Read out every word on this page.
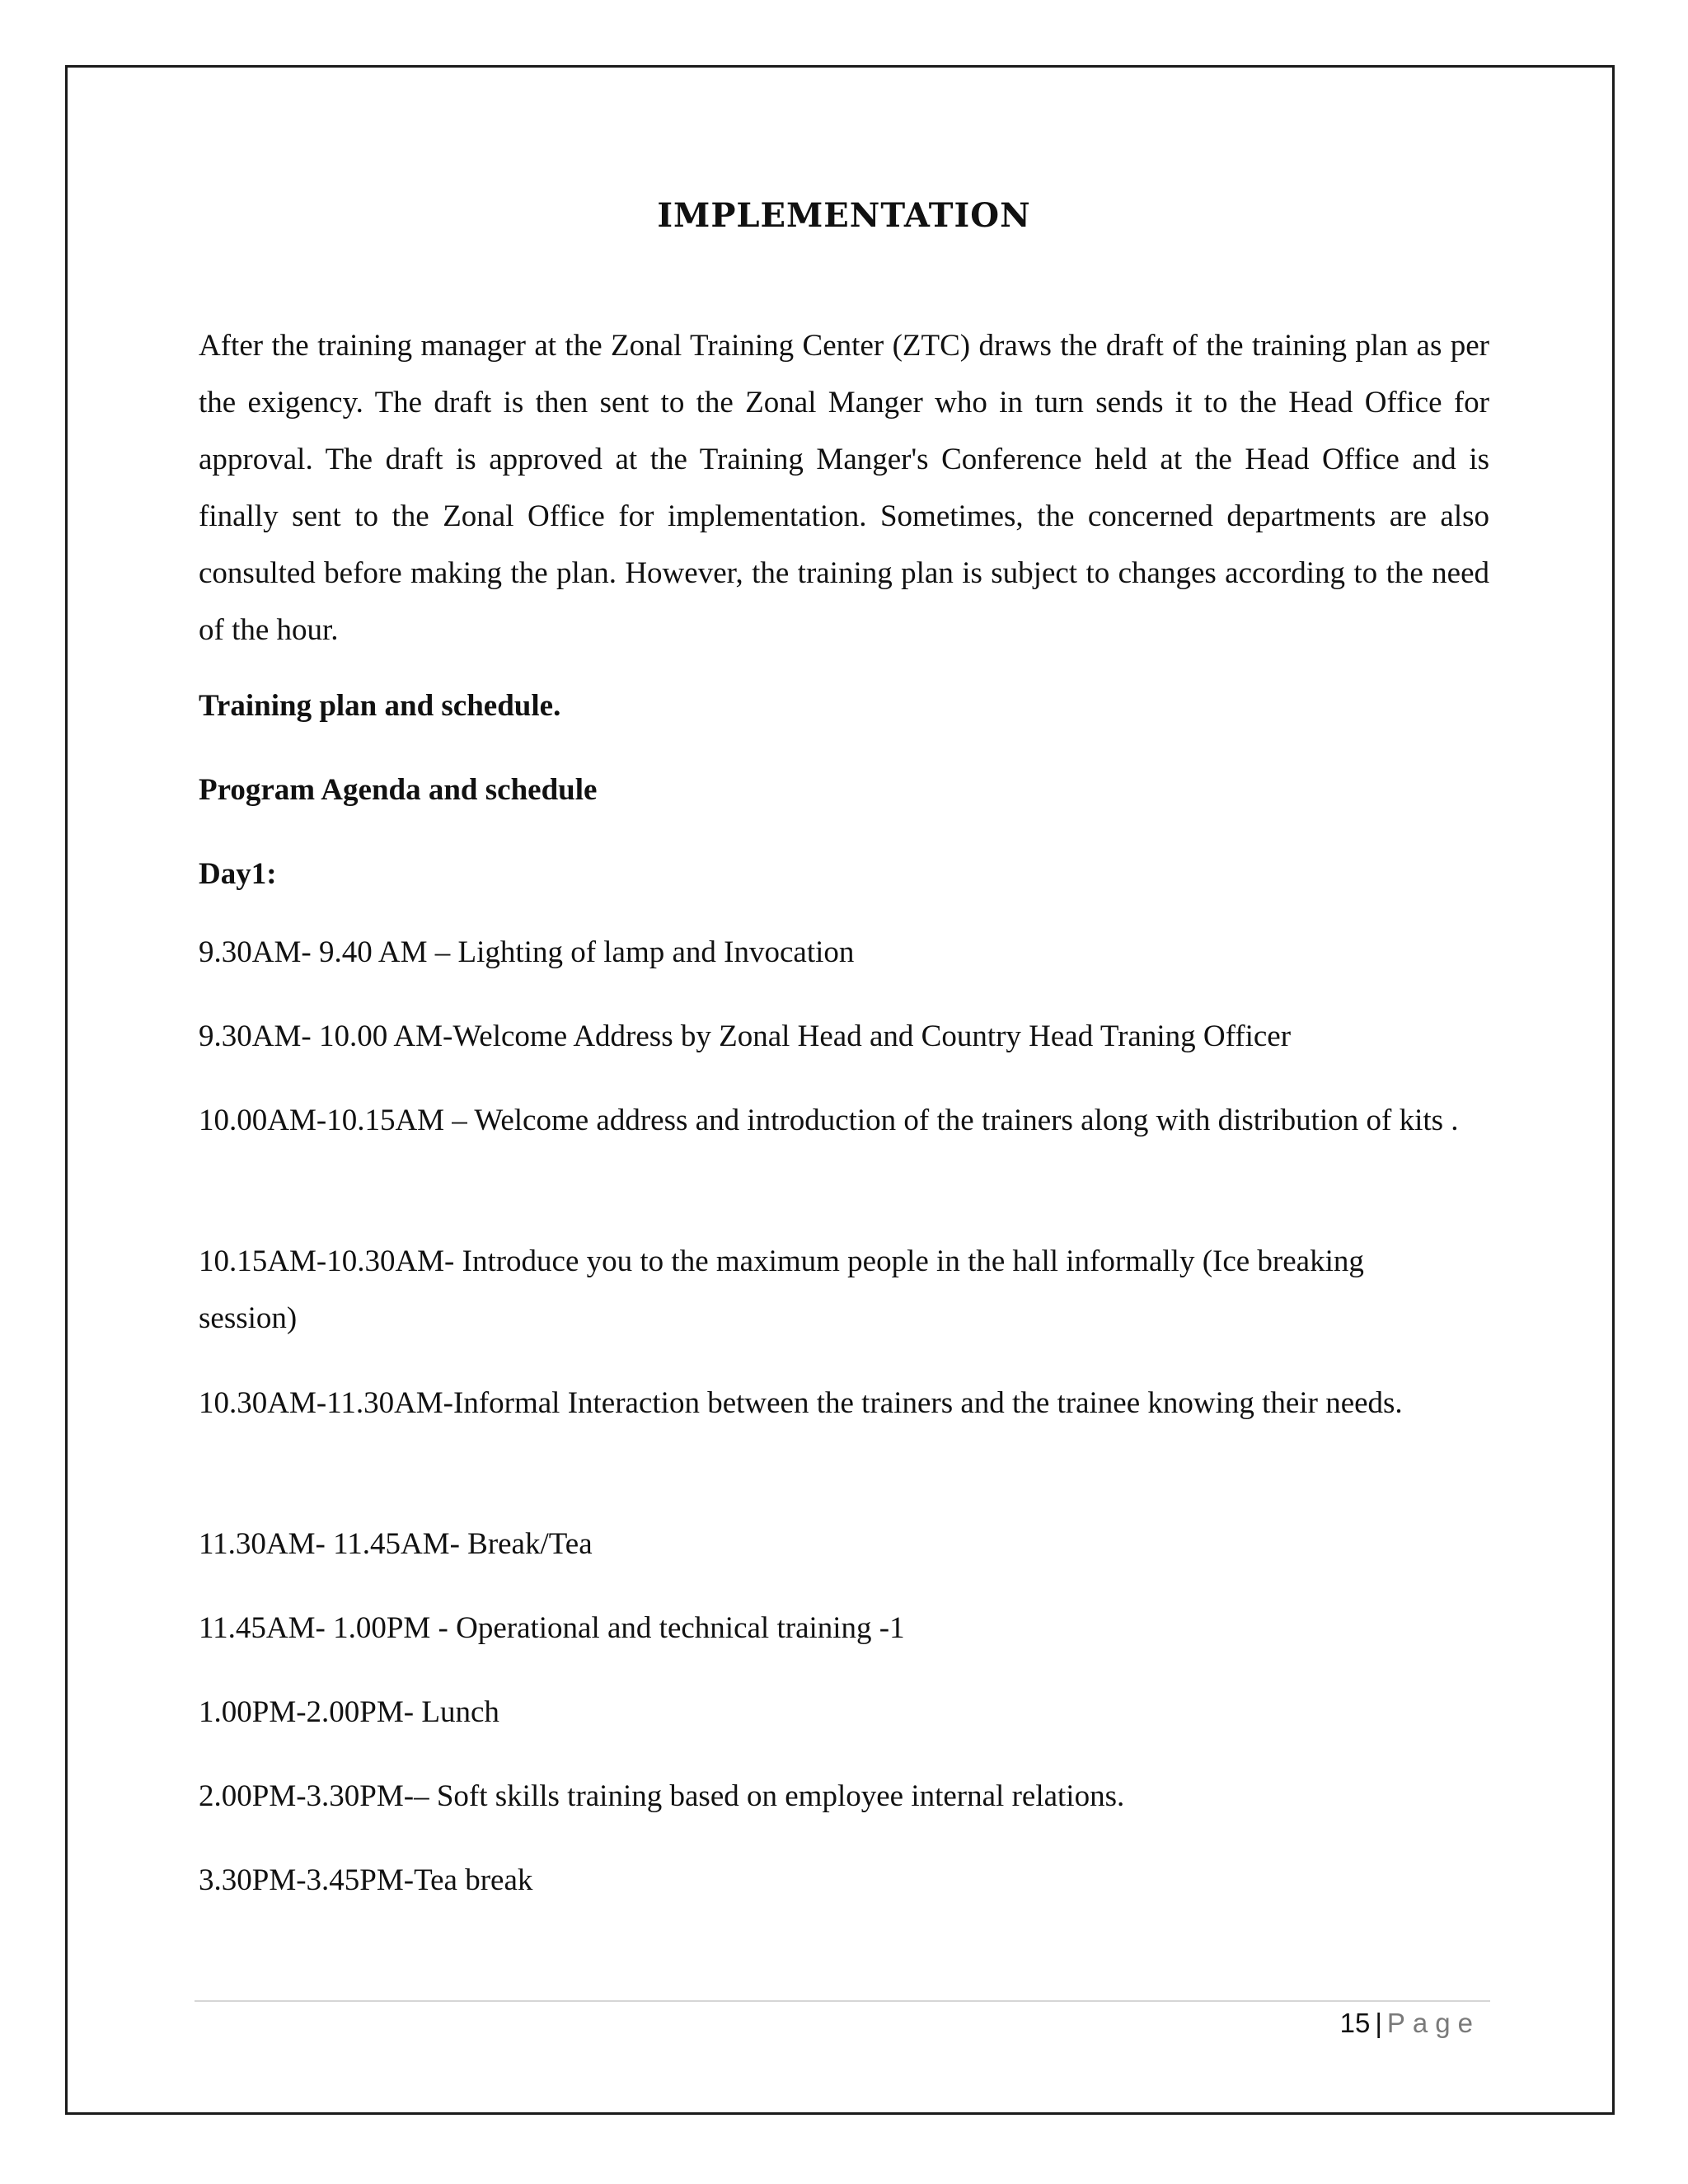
IMPLEMENTATION

After the training manager at the Zonal Training Center (ZTC) draws the draft of the training plan as per the exigency. The draft is then sent to the Zonal Manger who in turn sends it to the Head Office for approval. The draft is approved at the Training Manger's Conference held at the Head Office and is finally sent to the Zonal Office for implementation. Sometimes, the concerned departments are also consulted before making the plan. However, the training plan is subject to changes according to the need of the hour.

Training plan and schedule.

Program Agenda and schedule

Day1:

9.30AM- 9.40 AM – Lighting of lamp and Invocation

9.30AM- 10.00 AM-Welcome Address by Zonal Head and Country Head Traning Officer

10.00AM-10.15AM – Welcome address and introduction of the trainers along with distribution of kits .

10.15AM-10.30AM- Introduce you to the maximum people in the hall informally (Ice breaking session)

10.30AM-11.30AM-Informal Interaction between the trainers and the trainee knowing their needs.

11.30AM- 11.45AM- Break/Tea

11.45AM- 1.00PM - Operational and technical training -1

1.00PM-2.00PM- Lunch

2.00PM-3.30PM-– Soft skills training based on employee internal relations.

3.30PM-3.45PM-Tea break

15 | Page
